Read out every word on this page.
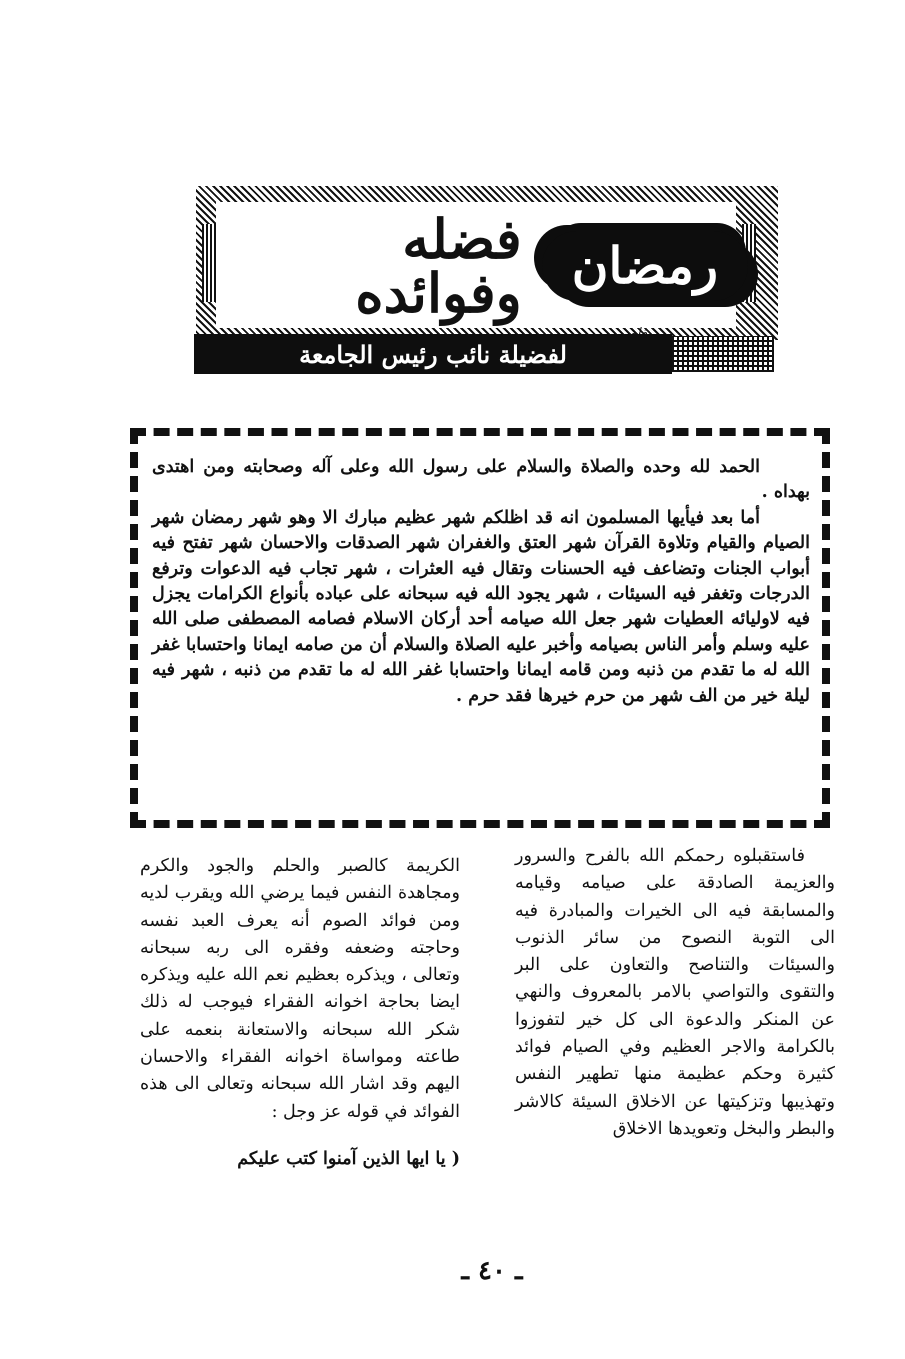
رمضان
فضله وفوائده
لفضيلة نائب رئيس الجامعة

الحمد لله وحده والصلاة والسلام على رسول الله وعلى آله وصحابته ومن اهتدى بهداه .

أما بعد فيأيها المسلمون انه قد اظلكم شهر عظيم مبارك الا وهو شهر رمضان شهر الصيام والقيام وتلاوة القرآن شهر العتق والغفران شهر الصدقات والاحسان شهر تفتح فيه أبواب الجنات وتضاعف فيه الحسنات وتقال فيه العثرات ، شهر تجاب فيه الدعوات وترفع الدرجات وتغفر فيه السيئات ، شهر يجود الله فيه سبحانه على عباده بأنواع الكرامات يجزل فيه لاوليائه العطيات شهر جعل الله صيامه أحد أركان الاسلام فصامه المصطفى صلى الله عليه وسلم وأمر الناس بصيامه وأخبر عليه الصلاة والسلام أن من صامه ايمانا واحتسابا غفر الله له ما تقدم من ذنبه ومن قامه ايمانا واحتسابا غفر الله له ما تقدم من ذنبه ، شهر فيه ليلة خير من الف شهر من حرم خيرها فقد حرم .

فاستقبلوه رحمكم الله بالفرح والسرور والعزيمة الصادقة على صيامه وقيامه والمسابقة فيه الى الخيرات والمبادرة فيه الى التوبة النصوح من سائر الذنوب والسيئات والتناصح والتعاون على البر والتقوى والتواصي بالامر بالمعروف والنهي عن المنكر والدعوة الى كل خير لتفوزوا بالكرامة والاجر العظيم وفي الصيام فوائد كثيرة وحكم عظيمة منها تطهير النفس وتهذيبها وتزكيتها عن الاخلاق السيئة كالاشر والبطر والبخل وتعويدها الاخلاق

الكريمة كالصبر والحلم والجود والكرم ومجاهدة النفس فيما يرضي الله ويقرب لديه ومن فوائد الصوم أنه يعرف العبد نفسه وحاجته وضعفه وفقره الى ربه سبحانه وتعالى ، ويذكره بعظيم نعم الله عليه ويذكره ايضا بحاجة اخوانه الفقراء فيوجب له ذلك شكر الله سبحانه والاستعانة بنعمه على طاعته ومواساة اخوانه الفقراء والاحسان اليهم وقد اشار الله سبحانه وتعالى الى هذه الفوائد في قوله عز وجل :

( يا ايها الذين آمنوا كتب عليكم

ـ ٤٠ ـ
